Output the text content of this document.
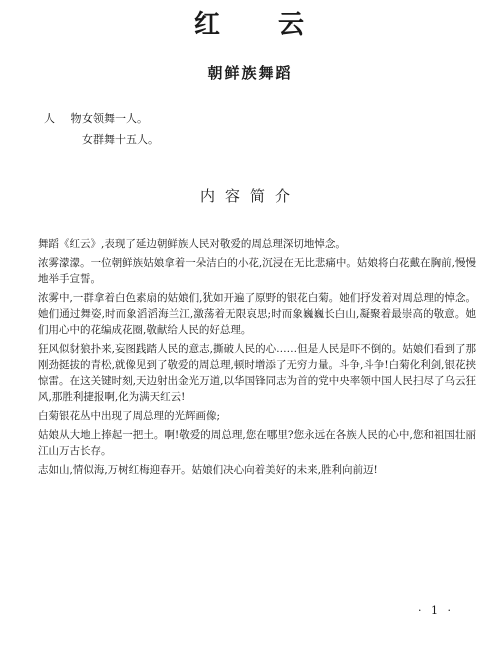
红 云
朝鲜族舞蹈
人 物:女领舞一人。
女群舞十五人。
内容简介

舞蹈《红云》,表现了延边朝鲜族人民对敬爱的周总理深切地悼念。

浓雾濛濛。一位朝鲜族姑娘拿着一朵洁白的小花,沉浸在无比悲痛中。姑娘将白花戴在胸前,慢慢地举手宣誓。

浓雾中,一群拿着白色素扇的姑娘们,犹如开遍了原野的银花白菊。她们抒发着对周总理的悼念。她们通过舞姿,时而象滔滔海兰江,激荡着无限哀思;时而象巍巍长白山,凝聚着最崇高的敬意。她们用心中的花编成花圈,敬献给人民的好总理。

狂风似豺狼扑来,妄图践踏人民的意志,撕破人民的心……但是人民是吓不倒的。姑娘们看到了那刚劲挺拔的青松,就像见到了敬爱的周总理,顿时增添了无穷力量。斗争,斗争!白菊化利剑,银花挟惊雷。在这关键时刻,天边射出金光万道,以华国锋同志为首的党中央率领中国人民扫尽了乌云狂风,那胜利捷报啊,化为满天红云!

白菊银花丛中出现了周总理的光辉画像;

姑娘从大地上捧起一把土。啊!敬爱的周总理,您在哪里?您永远在各族人民的心中,您和祖国壮丽江山万古长存。

志如山,情似海,万树红梅迎春开。姑娘们决心向着美好的未来,胜利向前迈!

· 1 ·
